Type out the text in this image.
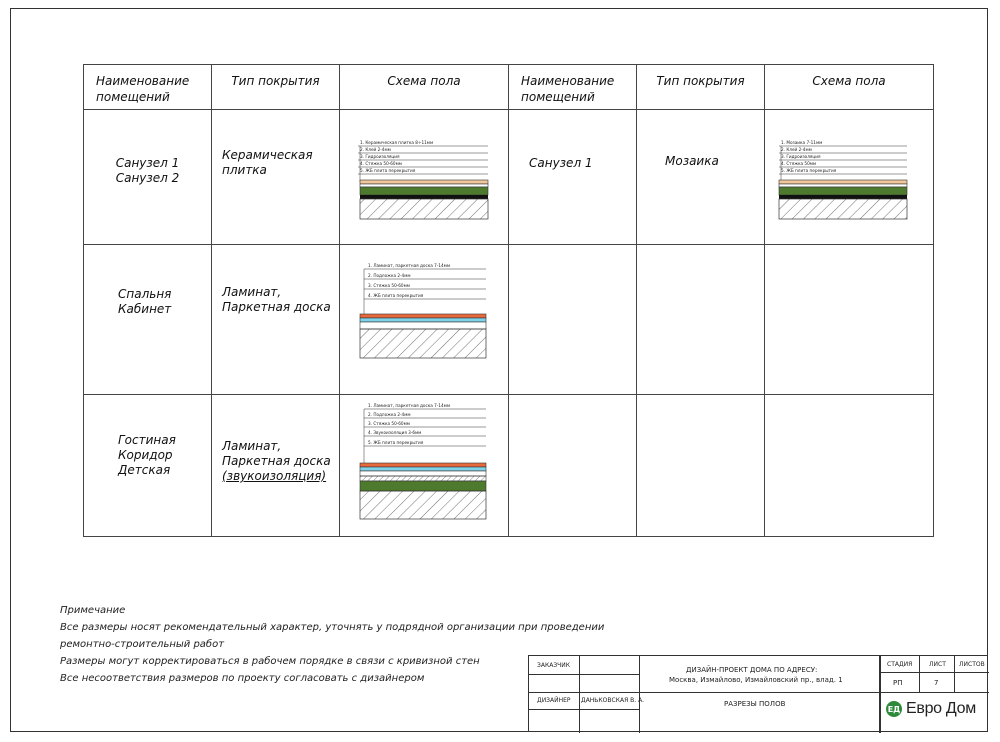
Наименование
помещений	Тип покрытия	Схема пола	Наименование
помещений	Тип покрытия	Схема пола

Санузел 1
Санузел 2	Керамическая
плитка	1. Керамическая плитка 8÷11мм
2. Клей 2-4мм
3. Гидроизоляция
4. Стяжка 50-60мм
5. ЖБ плита перекрытия	Санузел 1	Мозаика	1. Мозаика 7-11мм
2. Клей 2-4мм
3. Гидроизоляция
4. Стяжка 50мм
5. ЖБ плита перекрытия

Спальня
Кабинет	Ламинат,
Паркетная доска	1. Ламинат, паркетная доска 7-14мм
2. Подложка 2-4мм
3. Стяжка 50-60мм
4. ЖБ плита перекрытия			

Гостиная
Коридор
Детская	Ламинат,
Паркетная доска
(звукоизоляция)	1. Ламинат, паркетная доска 7-14мм
2. Подложка 2-4мм
3. Стяжка 50-60мм
4. Звукоизоляция 3-6мм
5. ЖБ плита перекрытия			

Примечание
Все размеры носят рекомендательный характер, уточнять у подрядной организации при проведении
ремонтно-строительный работ
Размеры могут корректироваться в рабочем порядке в связи с кривизной стен
Все несоответствия размеров по проекту согласовать с дизайнером
ЗАКАЗЧИК
ДИЗАЙНЕР ДАНЬКОВСКАЯ В. А.
ДИЗАЙН-ПРОЕКТ ДОМА ПО АДРЕСУ:
Москва, Измайлово, Измайловский пр., влад. 1
РАЗРЕЗЫ ПОЛОВ
СТАДИЯ	ЛИСТ ЛИСТОВ
РП	7
ЕД Евро Дом
